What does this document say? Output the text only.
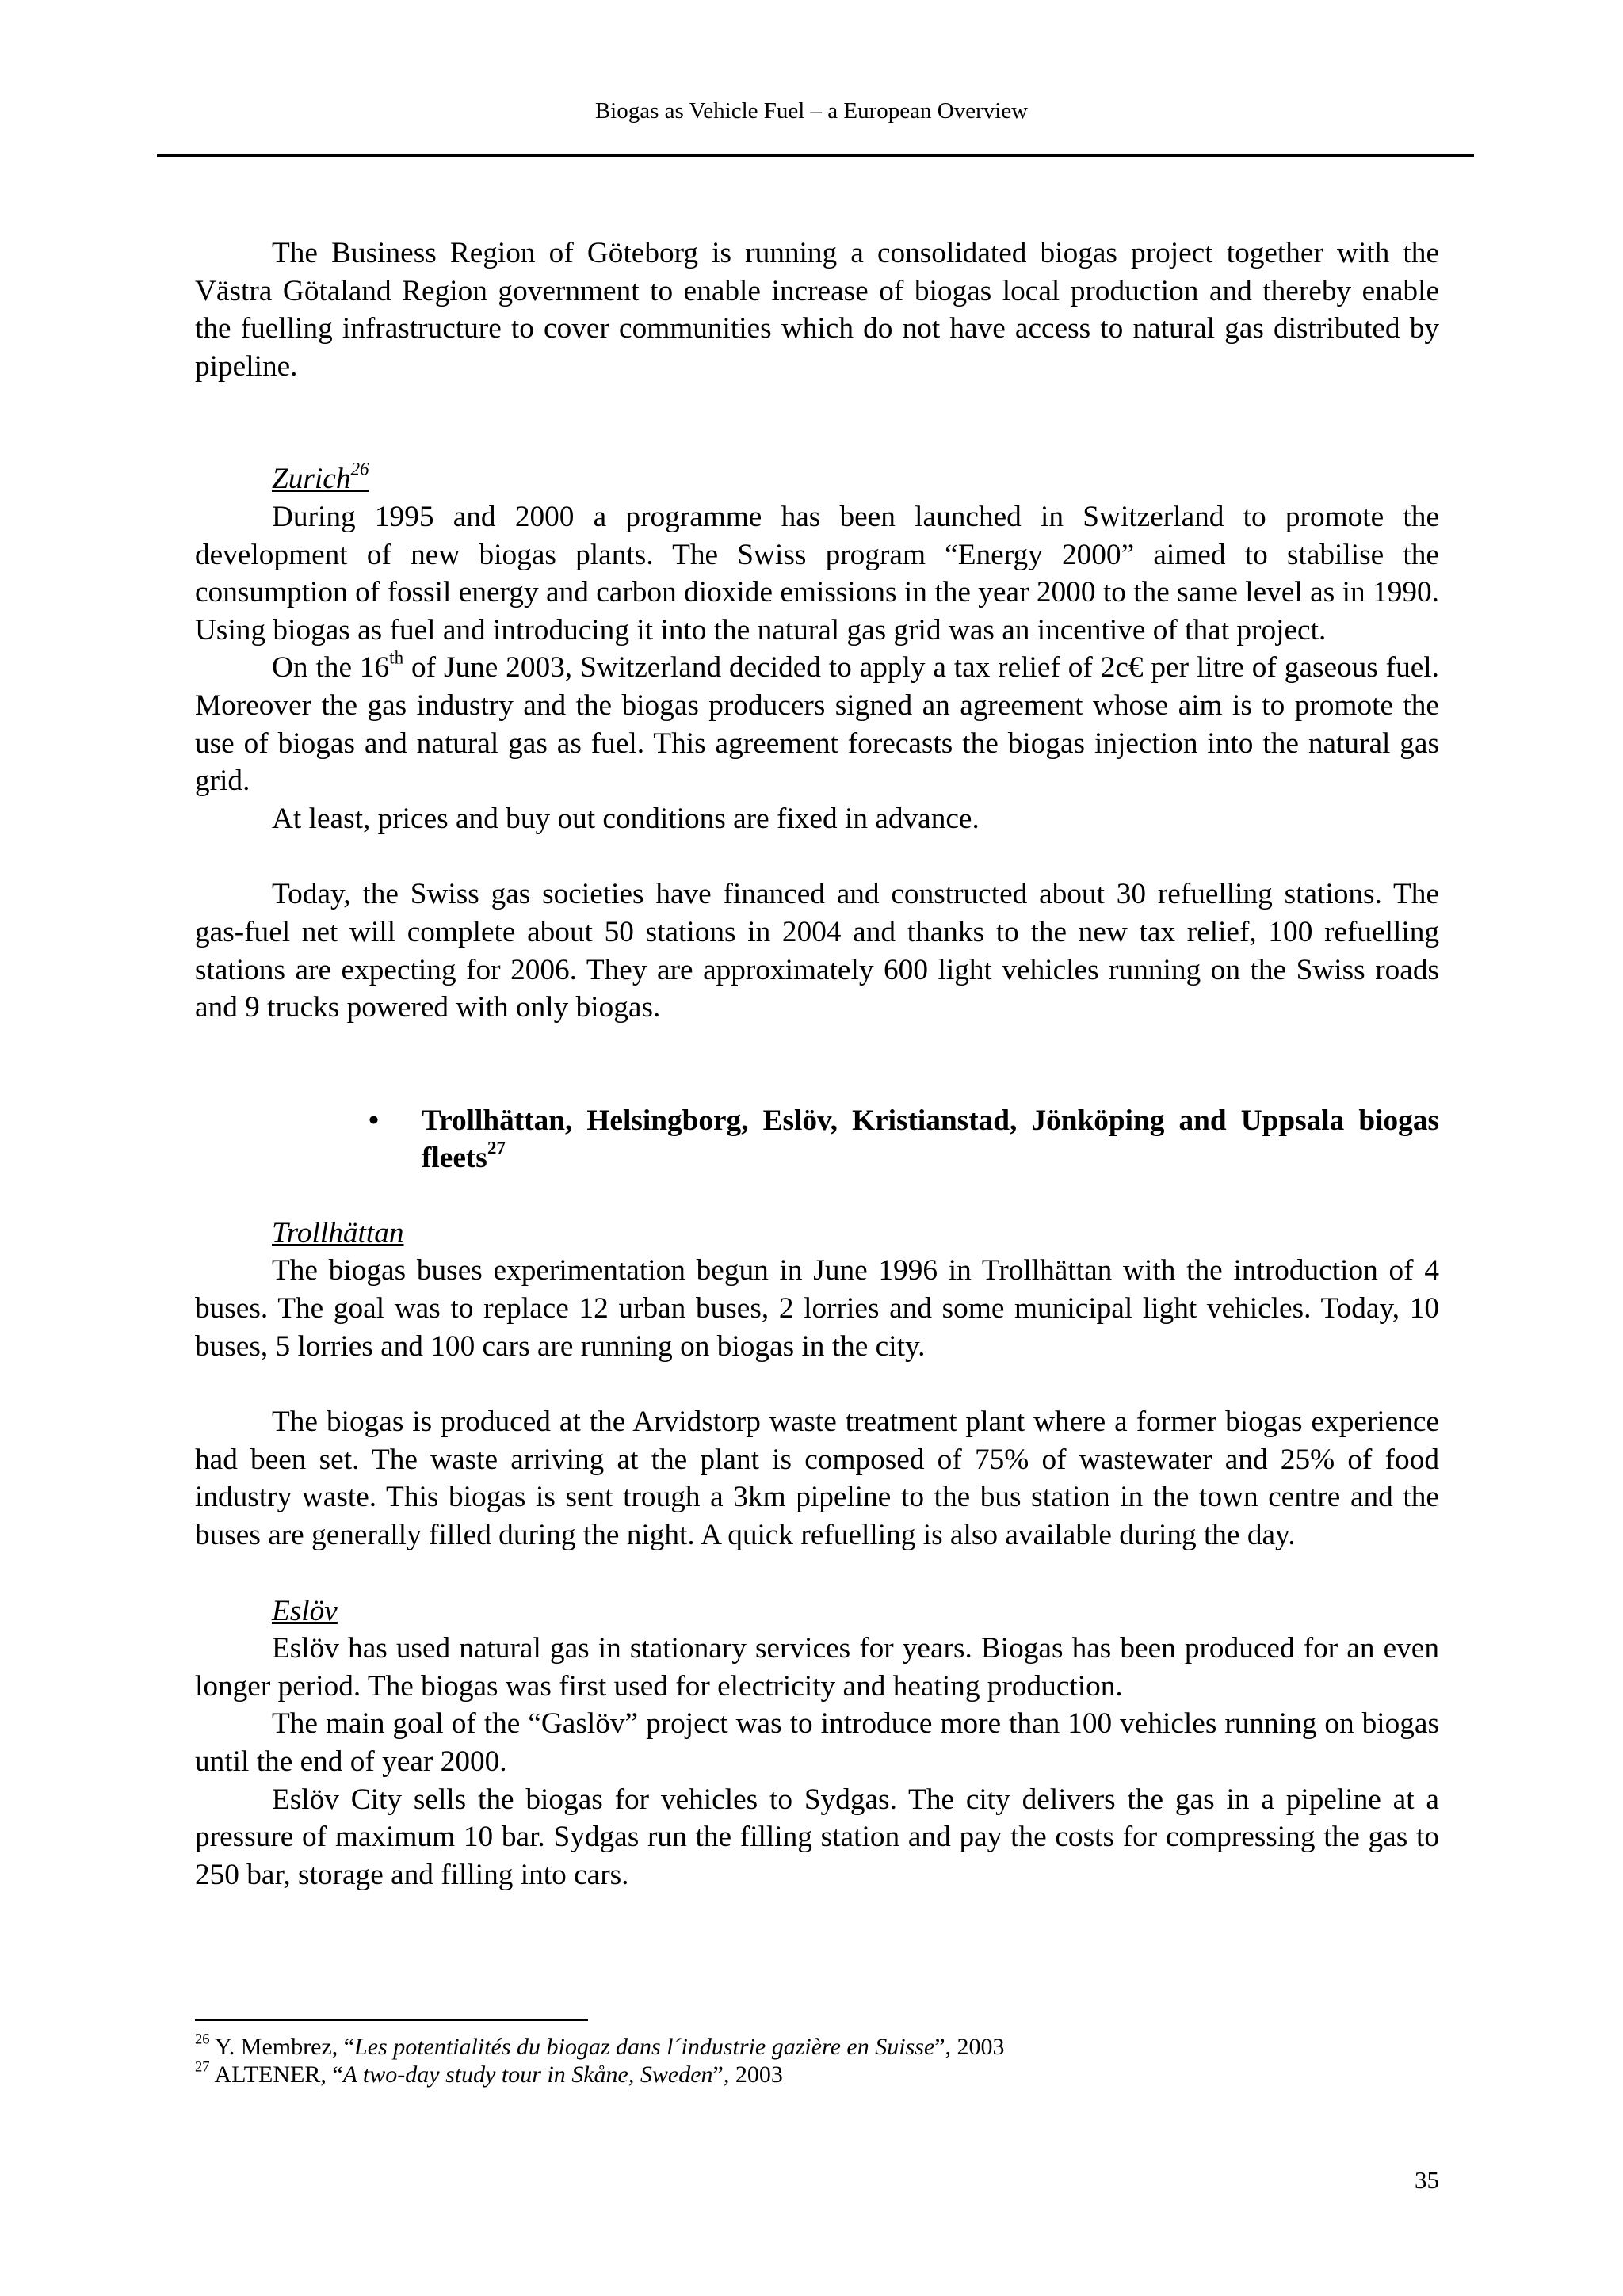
Biogas as Vehicle Fuel – a European Overview

The Business Region of Göteborg is running a consolidated biogas project together with the Västra Götaland Region government to enable increase of biogas local production and thereby enable the fuelling infrastructure to cover communities which do not have access to natural gas distributed by pipeline.

Zurich$^{26}$

During 1995 and 2000 a programme has been launched in Switzerland to promote the development of new biogas plants. The Swiss program “Energy 2000” aimed to stabilise the consumption of fossil energy and carbon dioxide emissions in the year 2000 to the same level as in 1990. Using biogas as fuel and introducing it into the natural gas grid was an incentive of that project.

On the 16th of June 2003, Switzerland decided to apply a tax relief of 2c€ per litre of gaseous fuel. Moreover the gas industry and the biogas producers signed an agreement whose aim is to promote the use of biogas and natural gas as fuel. This agreement forecasts the biogas injection into the natural gas grid.

At least, prices and buy out conditions are fixed in advance.

Today, the Swiss gas societies have financed and constructed about 30 refuelling stations. The gas-fuel net will complete about 50 stations in 2004 and thanks to the new tax relief, 100 refuelling stations are expecting for 2006. They are approximately 600 light vehicles running on the Swiss roads and 9 trucks powered with only biogas.

•	Trollhättan, Helsingborg, Eslöv, Kristianstad, Jönköping and Uppsala biogas fleets$^{27}$
Trollhättan

The biogas buses experimentation begun in June 1996 in Trollhättan with the introduction of 4 buses. The goal was to replace 12 urban buses, 2 lorries and some municipal light vehicles. Today, 10 buses, 5 lorries and 100 cars are running on biogas in the city.

The biogas is produced at the Arvidstorp waste treatment plant where a former biogas experience had been set. The waste arriving at the plant is composed of 75% of wastewater and 25% of food industry waste. This biogas is sent trough a 3km pipeline to the bus station in the town centre and the buses are generally filled during the night. A quick refuelling is also available during the day.

Eslöv

Eslöv has used natural gas in stationary services for years. Biogas has been produced for an even longer period. The biogas was first used for electricity and heating production.

The main goal of the “Gaslöv” project was to introduce more than 100 vehicles running on biogas until the end of year 2000.

Eslöv City sells the biogas for vehicles to Sydgas. The city delivers the gas in a pipeline at a pressure of maximum 10 bar. Sydgas run the filling station and pay the costs for compressing the gas to 250 bar, storage and filling into cars.

$^{26}$ Y. Membrez, “Les potentialités du biogaz dans l´industrie gazière en Suisse”, 2003
$^{27}$ ALTENER, “A two-day study tour in Skåne, Sweden”, 2003
35
